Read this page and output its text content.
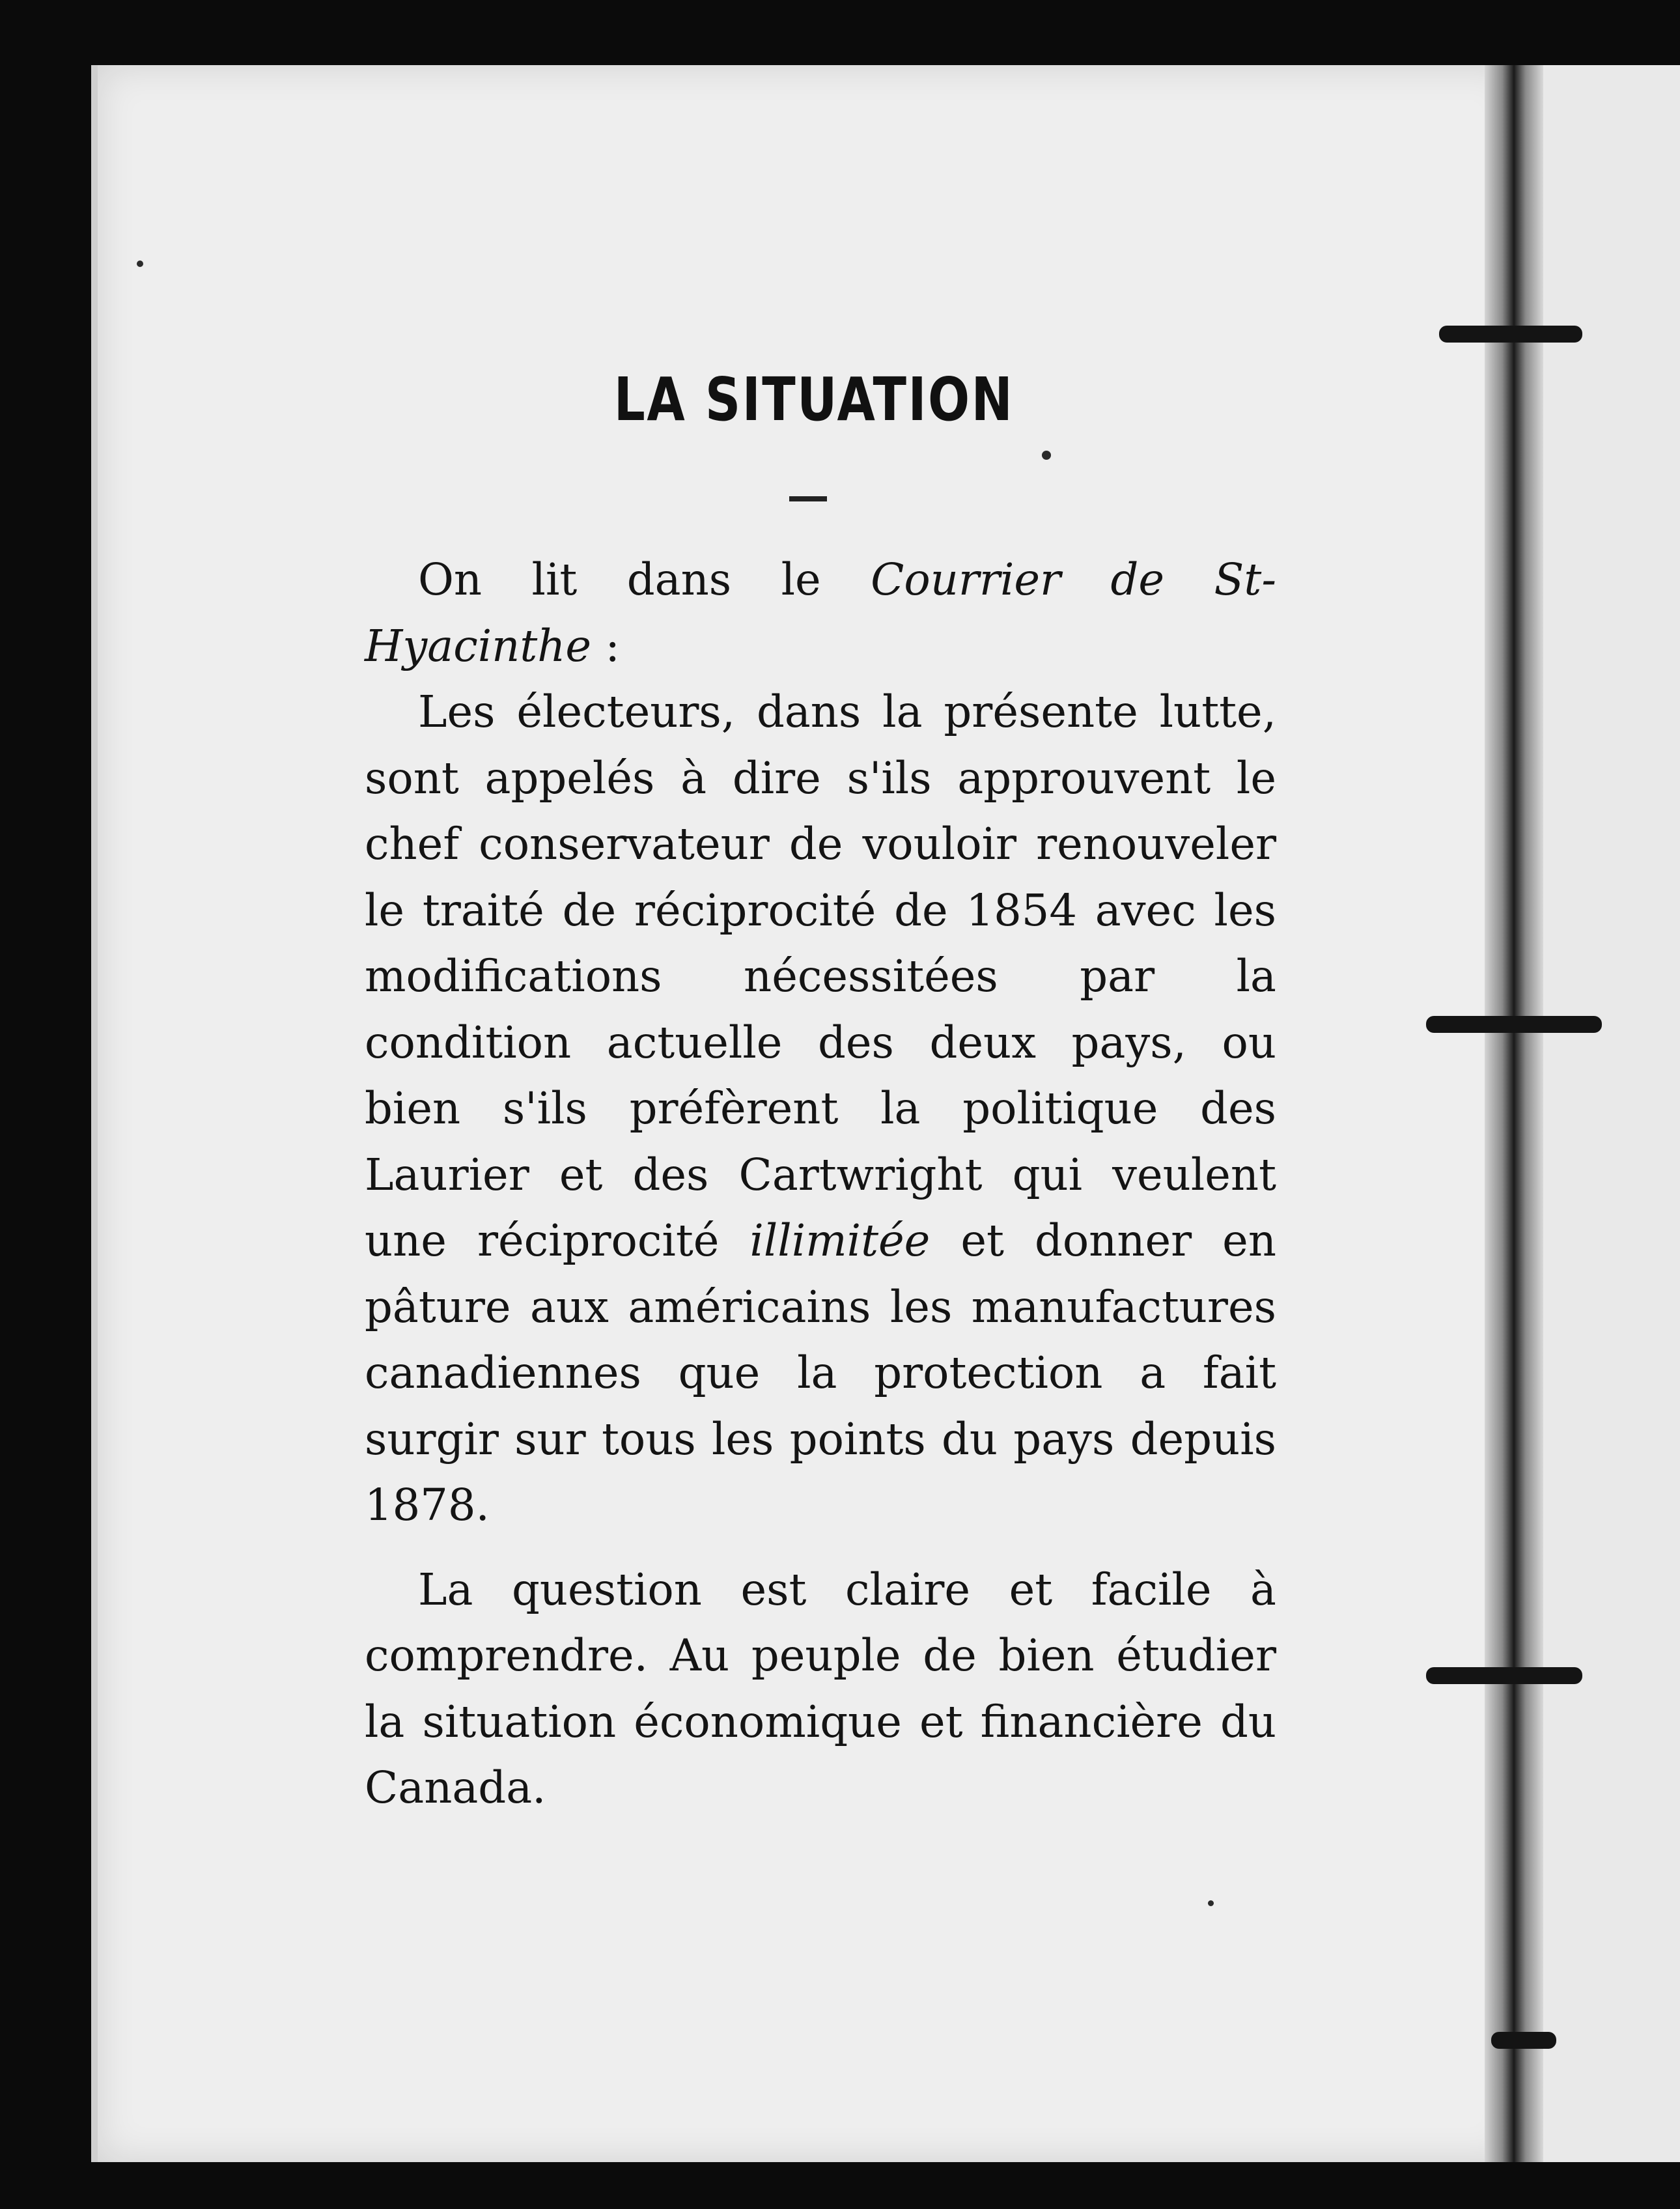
LA SITUATION

On lit dans le Courrier de St-Hyacinthe :

Les électeurs, dans la présente lutte, sont appelés à dire s'ils approuvent le chef conservateur de vouloir renouveler le traité de réciprocité de 1854 avec les modifications nécessitées par la condition actuelle des deux pays, ou bien s'ils préfèrent la politique des Laurier et des Cartwright qui veulent une réciprocité illimitée et donner en pâture aux américains les manufactures canadiennes que la protection a fait surgir sur tous les points du pays depuis 1878.

La question est claire et facile à comprendre. Au peuple de bien étudier la situation économique et financière du Canada.
